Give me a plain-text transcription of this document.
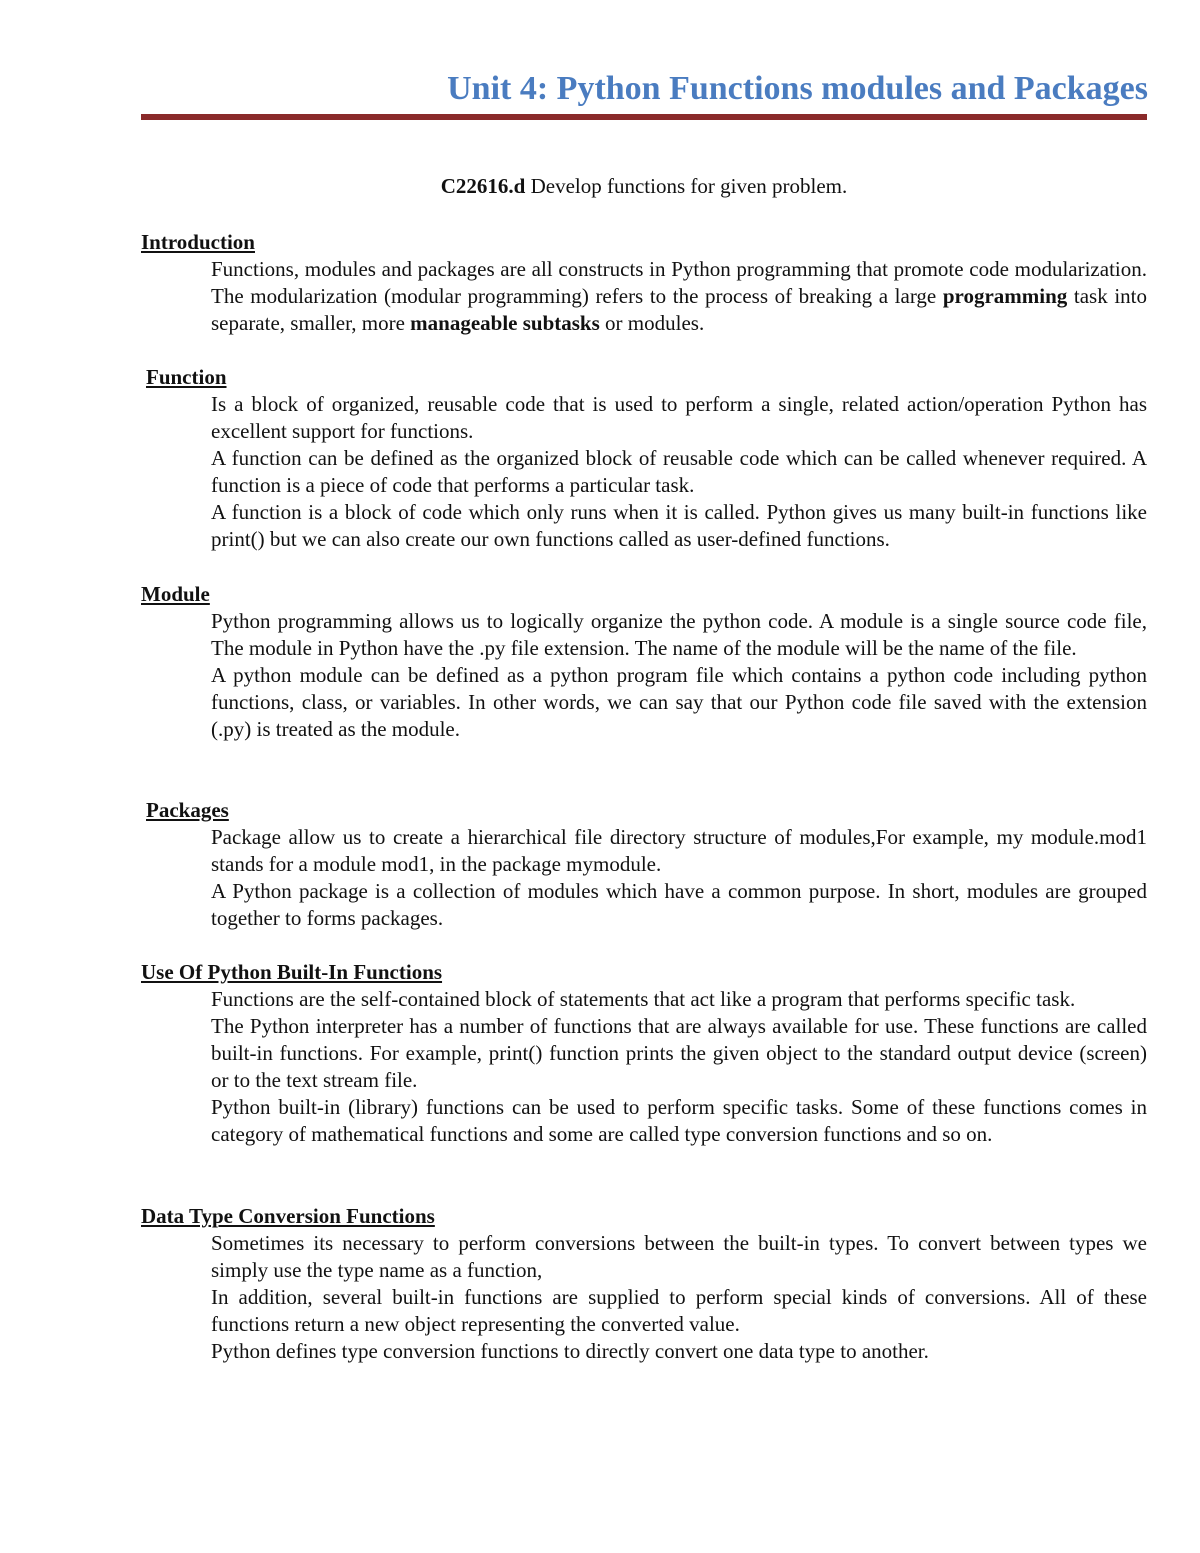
Unit 4: Python Functions modules and Packages
C22616.d Develop functions for given problem.

Introduction

Functions, modules and packages are all constructs in Python programming that promote code modularization. The modularization (modular programming) refers to the process of breaking a large programming task into separate, smaller, more manageable subtasks or modules.

Function

Is a block of organized, reusable code that is used to perform a single, related action/operation Python has excellent support for functions.

A function can be defined as the organized block of reusable code which can be called whenever required. A function is a piece of code that performs a particular task.

A function is a block of code which only runs when it is called. Python gives us many built-in functions like print() but we can also create our own functions called as user-defined functions.

Module

Python programming allows us to logically organize the python code. A module is a single source code file, The module in Python have the .py file extension. The name of the module will be the name of the file.

A python module can be defined as a python program file which contains a python code including python functions, class, or variables. In other words, we can say that our Python code file saved with the extension (.py) is treated as the module.

Packages

Package allow us to create a hierarchical file directory structure of modules,For example, my module.mod1 stands for a module mod1, in the package mymodule.

A Python package is a collection of modules which have a common purpose. In short, modules are grouped together to forms packages.

Use Of Python Built-In Functions

Functions are the self-contained block of statements that act like a program that performs specific task.

The Python interpreter has a number of functions that are always available for use. These functions are called built-in functions. For example, print() function prints the given object to the standard output device (screen) or to the text stream file.

Python built-in (library) functions can be used to perform specific tasks. Some of these functions comes in category of mathematical functions and some are called type conversion functions and so on.

Data Type Conversion Functions

Sometimes its necessary to perform conversions between the built-in types. To convert between types we simply use the type name as a function,

In addition, several built-in functions are supplied to perform special kinds of conversions. All of these functions return a new object representing the converted value.

Python defines type conversion functions to directly convert one data type to another.
